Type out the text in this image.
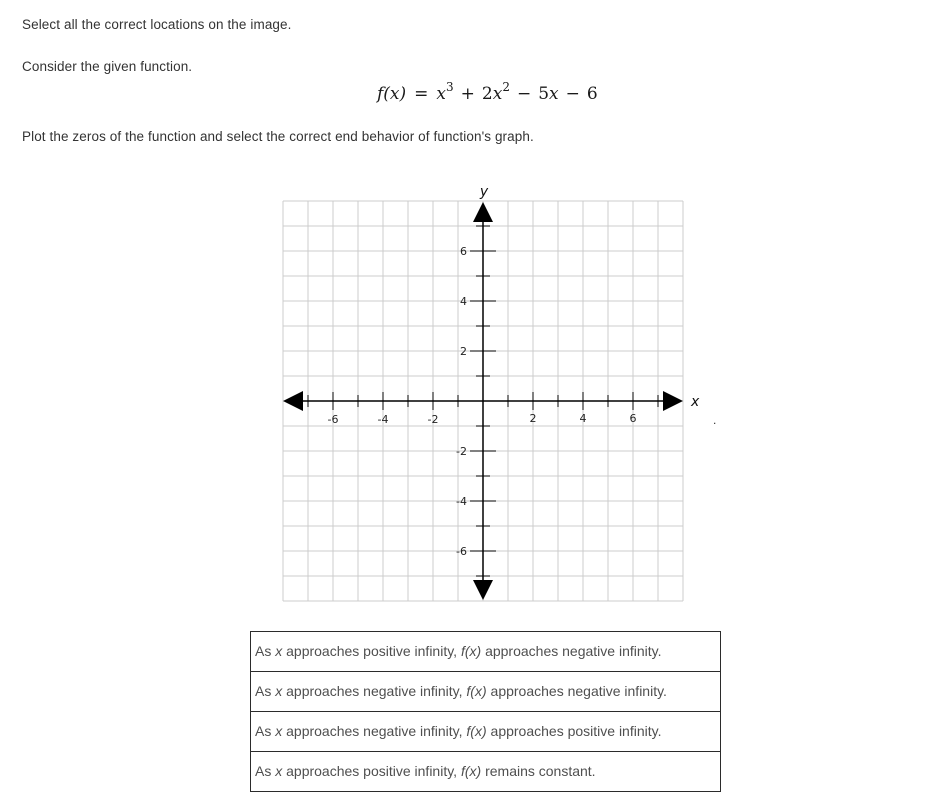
Select all the correct locations on the image.
Consider the given function.
$f(x) = x^3 + 2x^2 - 5x - 6$
Plot the zeros of the function and select the correct end behavior of function's graph.
-6	-4	-2	2	4	6
6
4
2
-2
-4
-6
y
x
.
As x approaches positive infinity, f(x) approaches negative infinity.
As x approaches negative infinity, f(x) approaches negative infinity.
As x approaches negative infinity, f(x) approaches positive infinity.
As x approaches positive infinity, f(x) remains constant.
